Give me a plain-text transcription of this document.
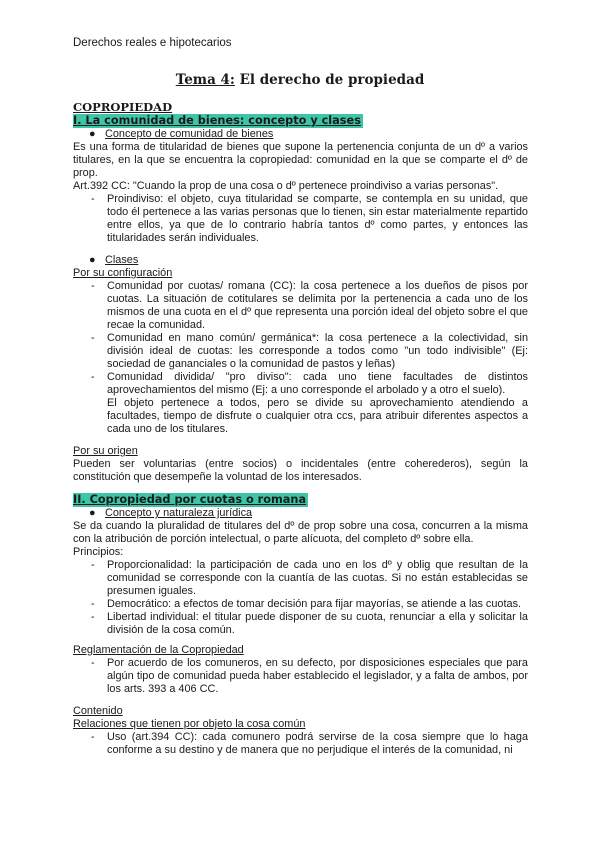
Derechos reales e hipotecarios
Tema 4: El derecho de propiedad
COPROPIEDAD
I. La comunidad de bienes: concepto y clases
● Concepto de comunidad de bienes

Es una forma de titularidad de bienes que supone la pertenencia conjunta de un dº a varios titulares, en la que se encuentra la copropiedad: comunidad en la que se comparte el dº de prop.

Art.392 CC: "Cuando la prop de una cosa o dº pertenece proindiviso a varias personas".

- Proindiviso: el objeto, cuya titularidad se comparte, se contempla en su unidad, que todo él pertenece a las varias personas que lo tienen, sin estar materialmente repartido entre ellos, ya que de lo contrario habría tantos dº como partes, y entonces las titularidades serán individuales.
● Clases
Por su configuración
- Comunidad por cuotas/ romana (CC): la cosa pertenece a los dueños de pisos por cuotas. La situación de cotitulares se delimita por la pertenencia a cada uno de los mismos de una cuota en el dº que representa una porción ideal del objeto sobre el que recae la comunidad.
- Comunidad en mano común/ germánica*: la cosa pertenece a la colectividad, sin división ideal de cuotas: les corresponde a todos como "un todo indivisible" (Ej: sociedad de gananciales o la comunidad de pastos y leñas)
- Comunidad dividida/ "pro diviso": cada uno tiene facultades de distintos aprovechamientos del mismo (Ej: a uno corresponde el arbolado y a otro el suelo).
El objeto pertenece a todos, pero se divide su aprovechamiento atendiendo a facultades, tiempo de disfrute o cualquier otra ccs, para atribuir diferentes aspectos a cada uno de los titulares.
Por su origen

Pueden ser voluntarias (entre socios) o incidentales (entre coherederos), según la constitución que desempeñe la voluntad de los interesados.

II. Copropiedad por cuotas o romana
● Concepto y naturaleza jurídica

Se da cuando la pluralidad de titulares del dº de prop sobre una cosa, concurren a la misma con la atribución de porción intelectual, o parte alícuota, del completo dº sobre ella.

Principios:
- Proporcionalidad: la participación de cada uno en los dº y oblig que resultan de la comunidad se corresponde con la cuantía de las cuotas. Si no están establecidas se presumen iguales.
- Democrático: a efectos de tomar decisión para fijar mayorías, se atiende a las cuotas.
- Libertad individual: el titular puede disponer de su cuota, renunciar a ella y solicitar la división de la cosa común.
Reglamentación de la Copropiedad
- Por acuerdo de los comuneros, en su defecto, por disposiciones especiales que para algún tipo de comunidad pueda haber establecido el legislador, y a falta de ambos, por los arts. 393 a 406 CC.
Contenido
Relaciones que tienen por objeto la cosa común
- Uso (art.394 CC): cada comunero podrá servirse de la cosa siempre que lo haga conforme a su destino y de manera que no perjudique el interés de la comunidad, ni
